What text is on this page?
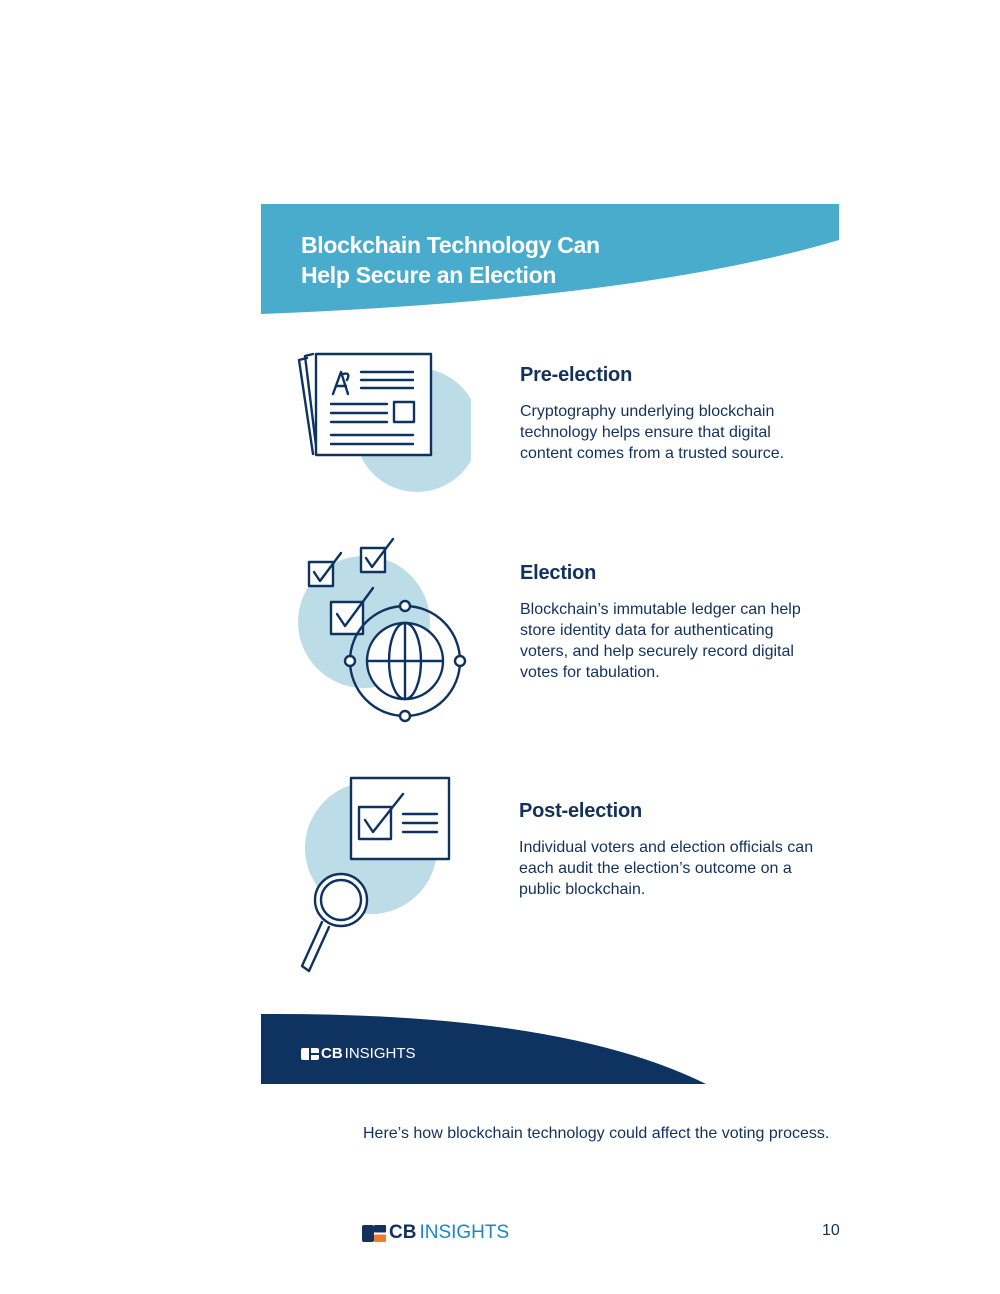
Blockchain Technology Can
Help Secure an Election
Pre-election

Cryptography underlying blockchain technology helps ensure that digital content comes from a trusted source.

Election

Blockchain’s immutable ledger can help store identity data for authenticating voters, and help securely record digital votes for tabulation.

Post-election

Individual voters and election officials can each audit the election’s outcome on a public blockchain.

CB INSIGHTS

Here’s how blockchain technology could affect the voting process.

CB INSIGHTS	10
